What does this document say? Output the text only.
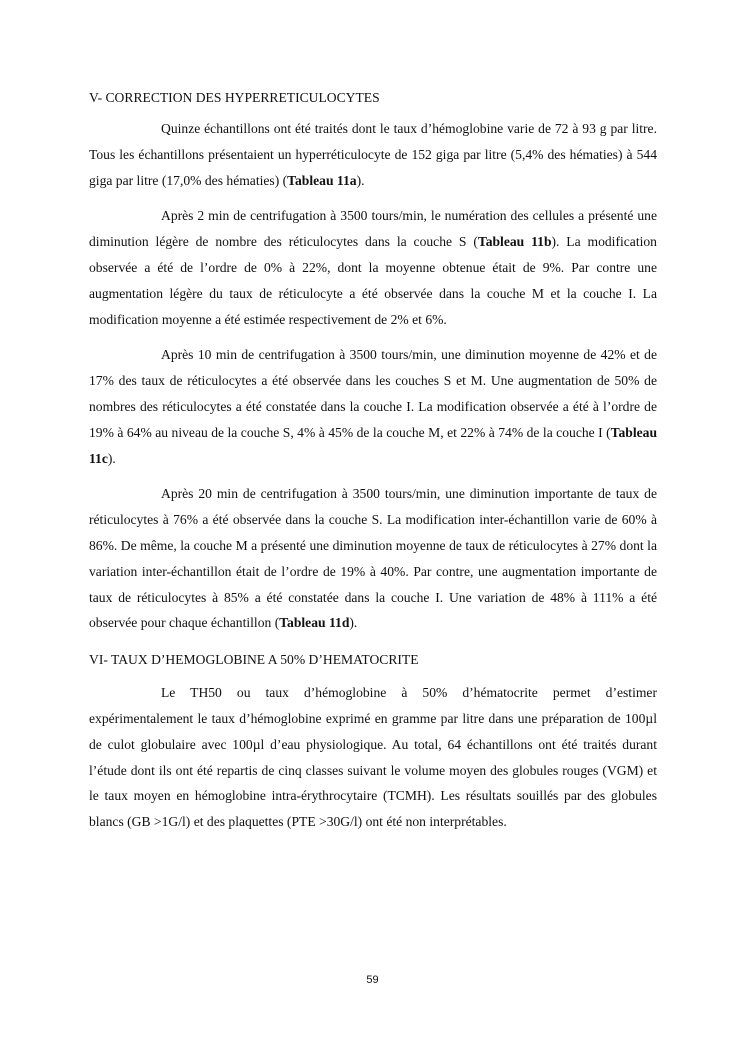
V- CORRECTION DES HYPERRETICULOCYTES

Quinze échantillons ont été traités dont le taux d’hémoglobine varie de 72 à 93 g par litre. Tous les échantillons présentaient un hyperréticulocyte de 152 giga par litre (5,4% des hématies) à 544 giga par litre (17,0% des hématies) (Tableau 11a).

Après 2 min de centrifugation à 3500 tours/min, le numération des cellules a présenté une diminution légère de nombre des réticulocytes dans la couche S (Tableau 11b). La modification observée a été de l’ordre de 0% à 22%, dont la moyenne obtenue était de 9%. Par contre une augmentation légère du taux de réticulocyte a été observée dans la couche M et la couche I. La modification moyenne a été estimée respectivement de 2% et 6%.

Après 10 min de centrifugation à 3500 tours/min, une diminution moyenne de 42% et de 17% des taux de réticulocytes a été observée dans les couches S et M. Une augmentation de 50% de nombres des réticulocytes a été constatée dans la couche I. La modification observée a été à l’ordre de 19% à 64% au niveau de la couche S, 4% à 45% de la couche M, et 22% à 74% de la couche I (Tableau 11c).

Après 20 min de centrifugation à 3500 tours/min, une diminution importante de taux de réticulocytes à 76% a été observée dans la couche S. La modification inter-échantillon varie de 60% à 86%. De même, la couche M a présenté une diminution moyenne de taux de réticulocytes à 27% dont la variation inter-échantillon était de l’ordre de 19% à 40%. Par contre, une augmentation importante de taux de réticulocytes à 85% a été constatée dans la couche I. Une variation de 48% à 111% a été observée pour chaque échantillon (Tableau 11d).

VI- TAUX D’HEMOGLOBINE A 50% D’HEMATOCRITE

Le TH50 ou taux d’hémoglobine à 50% d’hématocrite permet d’estimer expérimentalement le taux d’hémoglobine exprimé en gramme par litre dans une préparation de 100µl de culot globulaire avec 100µl d’eau physiologique. Au total, 64 échantillons ont été traités durant l’étude dont ils ont été repartis de cinq classes suivant le volume moyen des globules rouges (VGM) et le taux moyen en hémoglobine intra-érythrocytaire (TCMH). Les résultats souillés par des globules blancs (GB >1G/l) et des plaquettes (PTE >30G/l) ont été non interprétables.

59
